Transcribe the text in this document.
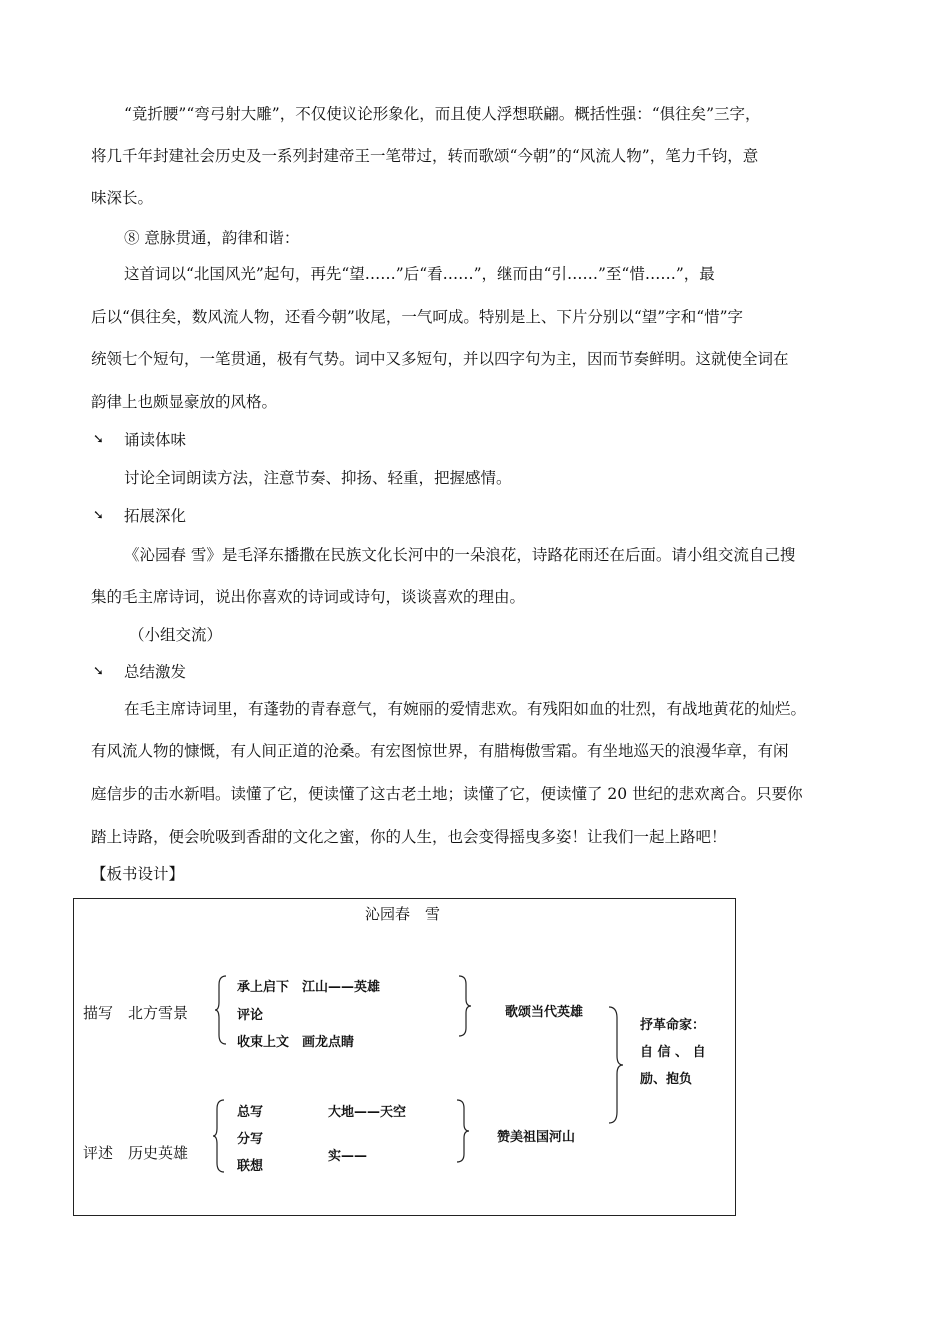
“竟折腰”“弯弓射大雕”，不仅使议论形象化，而且使人浮想联翩。概括性强：“俱往矣”三字，
将几千年封建社会历史及一系列封建帝王一笔带过，转而歌颂“今朝”的“风流人物”，笔力千钧，意
味深长。
⑧ 意脉贯通，韵律和谐：
这首词以“北国风光”起句，再先“望……”后“看……”，继而由“引……”至“惜……”，最
后以“俱往矣，数风流人物，还看今朝”收尾，一气呵成。特别是上、下片分别以“望”字和“惜”字
统领七个短句，一笔贯通，极有气势。词中又多短句，并以四字句为主，因而节奏鲜明。这就使全词在
韵律上也颇显豪放的风格。
➘ 诵读体味
讨论全词朗读方法，注意节奏、抑扬、轻重，把握感情。
➘ 拓展深化
《沁园春 雪》是毛泽东播撒在民族文化长河中的一朵浪花，诗路花雨还在后面。请小组交流自己搜
集的毛主席诗词，说出你喜欢的诗词或诗句，谈谈喜欢的理由。
（小组交流）
➘ 总结激发
在毛主席诗词里，有蓬勃的青春意气，有婉丽的爱情悲欢。有残阳如血的壮烈，有战地黄花的灿烂。
有风流人物的慷慨，有人间正道的沧桑。有宏图惊世界，有腊梅傲雪霜。有坐地巡天的浪漫华章，有闲
庭信步的击水新唱。读懂了它，便读懂了这古老土地；读懂了它，便读懂了 20 世纪的悲欢离合。只要你
踏上诗路，便会吮吸到香甜的文化之蜜，你的人生，也会变得摇曳多姿！让我们一起上路吧！
【板书设计】
沁园春　雪
描写　北方雪景
承上启下　江山——英雄
评论
收束上文　画龙点睛
歌颂当代英雄
评述　历史英雄
总写
分写
联想
大地——天空
实——
赞美祖国河山
抒革命家：
自 信 、 自
励、抱负
